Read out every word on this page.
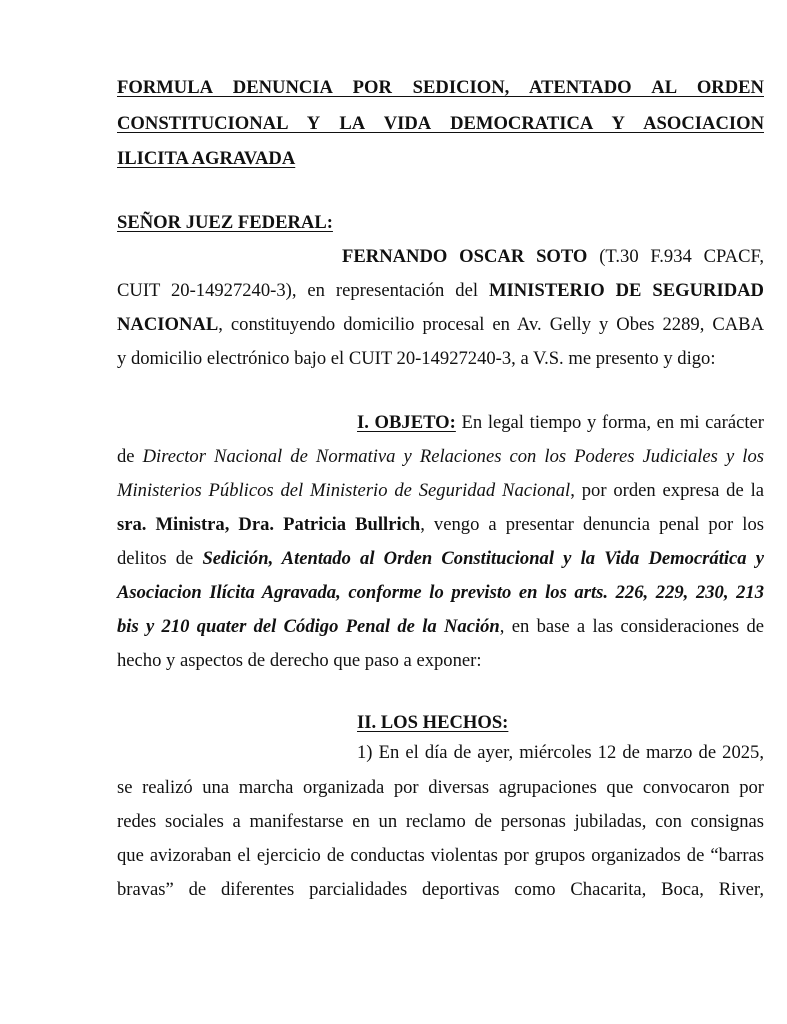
FORMULA DENUNCIA POR SEDICION, ATENTADO AL ORDEN
CONSTITUCIONAL Y LA VIDA DEMOCRATICA Y ASOCIACION
ILICITA AGRAVADA
SEÑOR JUEZ FEDERAL:
FERNANDO OSCAR SOTO (T.30 F.934 CPACF,
CUIT 20-14927240-3), en representación del MINISTERIO DE SEGURIDAD
NACIONAL, constituyendo domicilio procesal en Av. Gelly y Obes 2289, CABA
y domicilio electrónico bajo el CUIT 20-14927240-3, a V.S. me presento y digo:
I. OBJETO: En legal tiempo y forma, en mi carácter
de Director Nacional de Normativa y Relaciones con los Poderes Judiciales y los
Ministerios Públicos del Ministerio de Seguridad Nacional, por orden expresa de la
sra. Ministra, Dra. Patricia Bullrich, vengo a presentar denuncia penal por los
delitos de Sedición, Atentado al Orden Constitucional y la Vida Democrática y
Asociacion Ilícita Agravada, conforme lo previsto en los arts. 226, 229, 230, 213
bis y 210 quater del Código Penal de la Nación, en base a las consideraciones de
hecho y aspectos de derecho que paso a exponer:
II. LOS HECHOS:
1) En el día de ayer, miércoles 12 de marzo de 2025,
se realizó una marcha organizada por diversas agrupaciones que convocaron por
redes sociales a manifestarse en un reclamo de personas jubiladas, con consignas
que avizoraban el ejercicio de conductas violentas por grupos organizados de “barras
bravas” de diferentes parcialidades deportivas como Chacarita, Boca, River,
